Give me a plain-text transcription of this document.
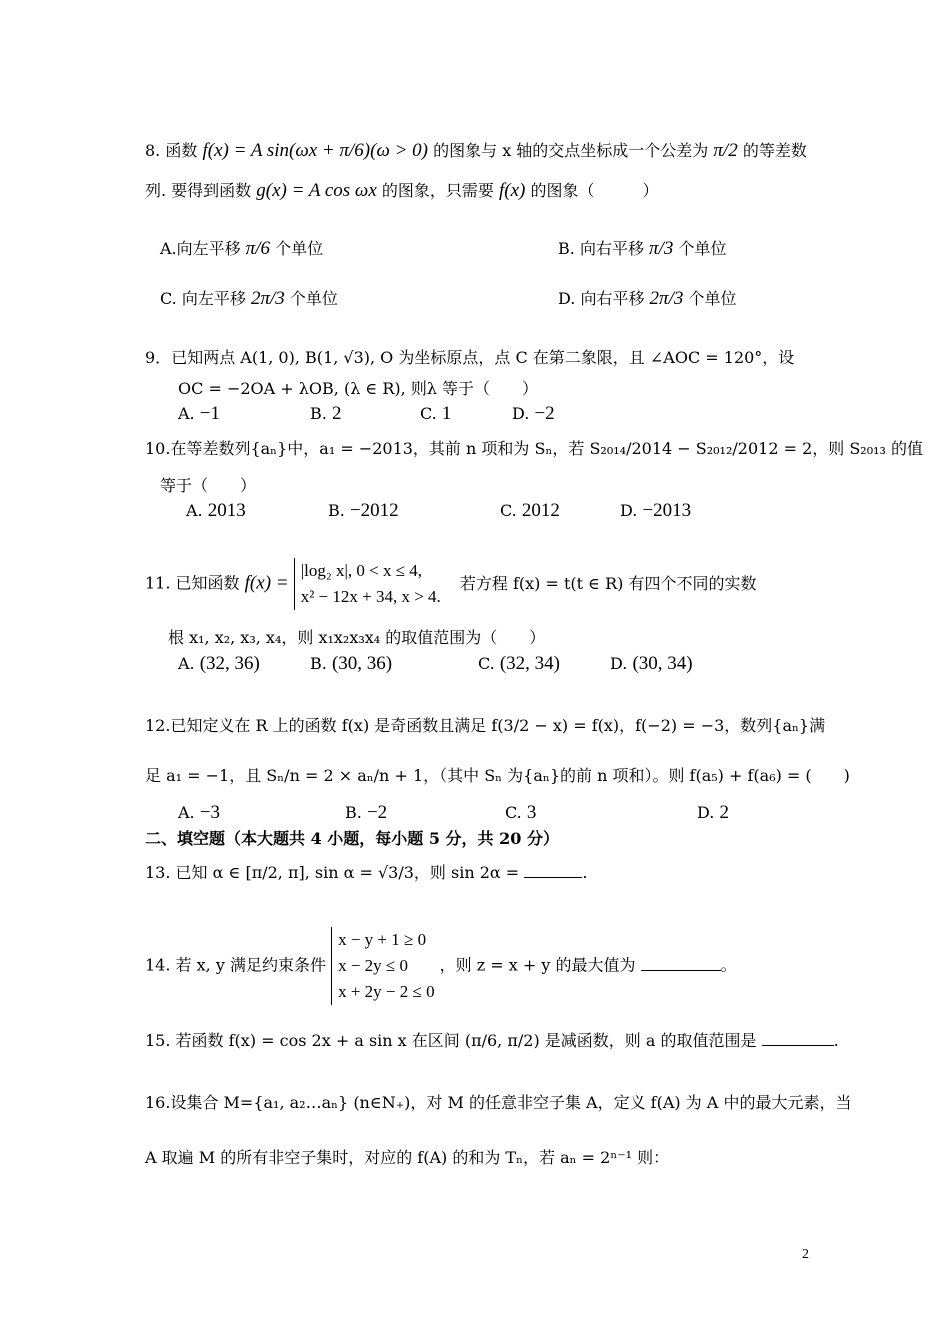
8. 函数 f(x) = A sin(ωx + π/6)(ω > 0) 的图象与 x 轴的交点坐标成一个公差为 π/2 的等差数
列. 要得到函数 g(x) = A cos ωx 的图象，只需要 f(x) 的图象（　　　）
A.向左平移 π/6 个单位	B. 向右平移 π/3 个单位
C. 向左平移 2π/3 个单位	D. 向右平移 2π/3 个单位
9．已知两点 A(1, 0), B(1, √3), O 为坐标原点，点 C 在第二象限，且 ∠AOC = 120°，设
OC = −2OA + λOB, (λ ∈ R), 则λ 等于（　　）
A. −1	B. 2	C. 1	D. −2
10.在等差数列{aₙ}中，a₁ = −2013，其前 n 项和为 Sₙ，若 S₂₀₁₄/2014 − S₂₀₁₂/2012 = 2，则 S₂₀₁₃ 的值
等于（　　）
A. 2013	B. −2012	C. 2012	D. −2013
11. 已知函数 f(x) =
|log₂ x|, 0 < x ≤ 4,
x² − 12x + 34, x > 4.
若方程 f(x) = t(t ∈ R) 有四个不同的实数
根 x₁, x₂, x₃, x₄，则 x₁x₂x₃x₄ 的取值范围为（　　）
A. (32, 36)	B. (30, 36)	C. (32, 34)	D. (30, 34)
12.已知定义在 R 上的函数 f(x) 是奇函数且满足 f(3/2 − x) = f(x)，f(−2) = −3，数列{aₙ}满
足 a₁ = −1，且 Sₙ/n = 2 × aₙ/n + 1，（其中 Sₙ 为{aₙ}的前 n 项和）。则 f(a₅) + f(a₆) = (　　)
A. −3	B. −2	C. 3	D. 2
二、填空题（本大题共 4 小题，每小题 5 分，共 20 分）
13. 已知 α ∈ [π/2, π], sin α = √3/3，则 sin 2α =	.
14. 若 x, y 满足约束条件
x − y + 1 ≥ 0
x − 2y ≤ 0
x + 2y − 2 ≤ 0
，则 z = x + y 的最大值为	。
15. 若函数 f(x) = cos 2x + a sin x 在区间 (π/6, π/2) 是减函数，则 a 的取值范围是	.
16.设集合 M={a₁, a₂…aₙ} (n∈N₊)，对 M 的任意非空子集 A，定义 f(A) 为 A 中的最大元素，当
A 取遍 M 的所有非空子集时，对应的 f(A) 的和为 Tₙ，若 aₙ = 2ⁿ⁻¹ 则：
2
